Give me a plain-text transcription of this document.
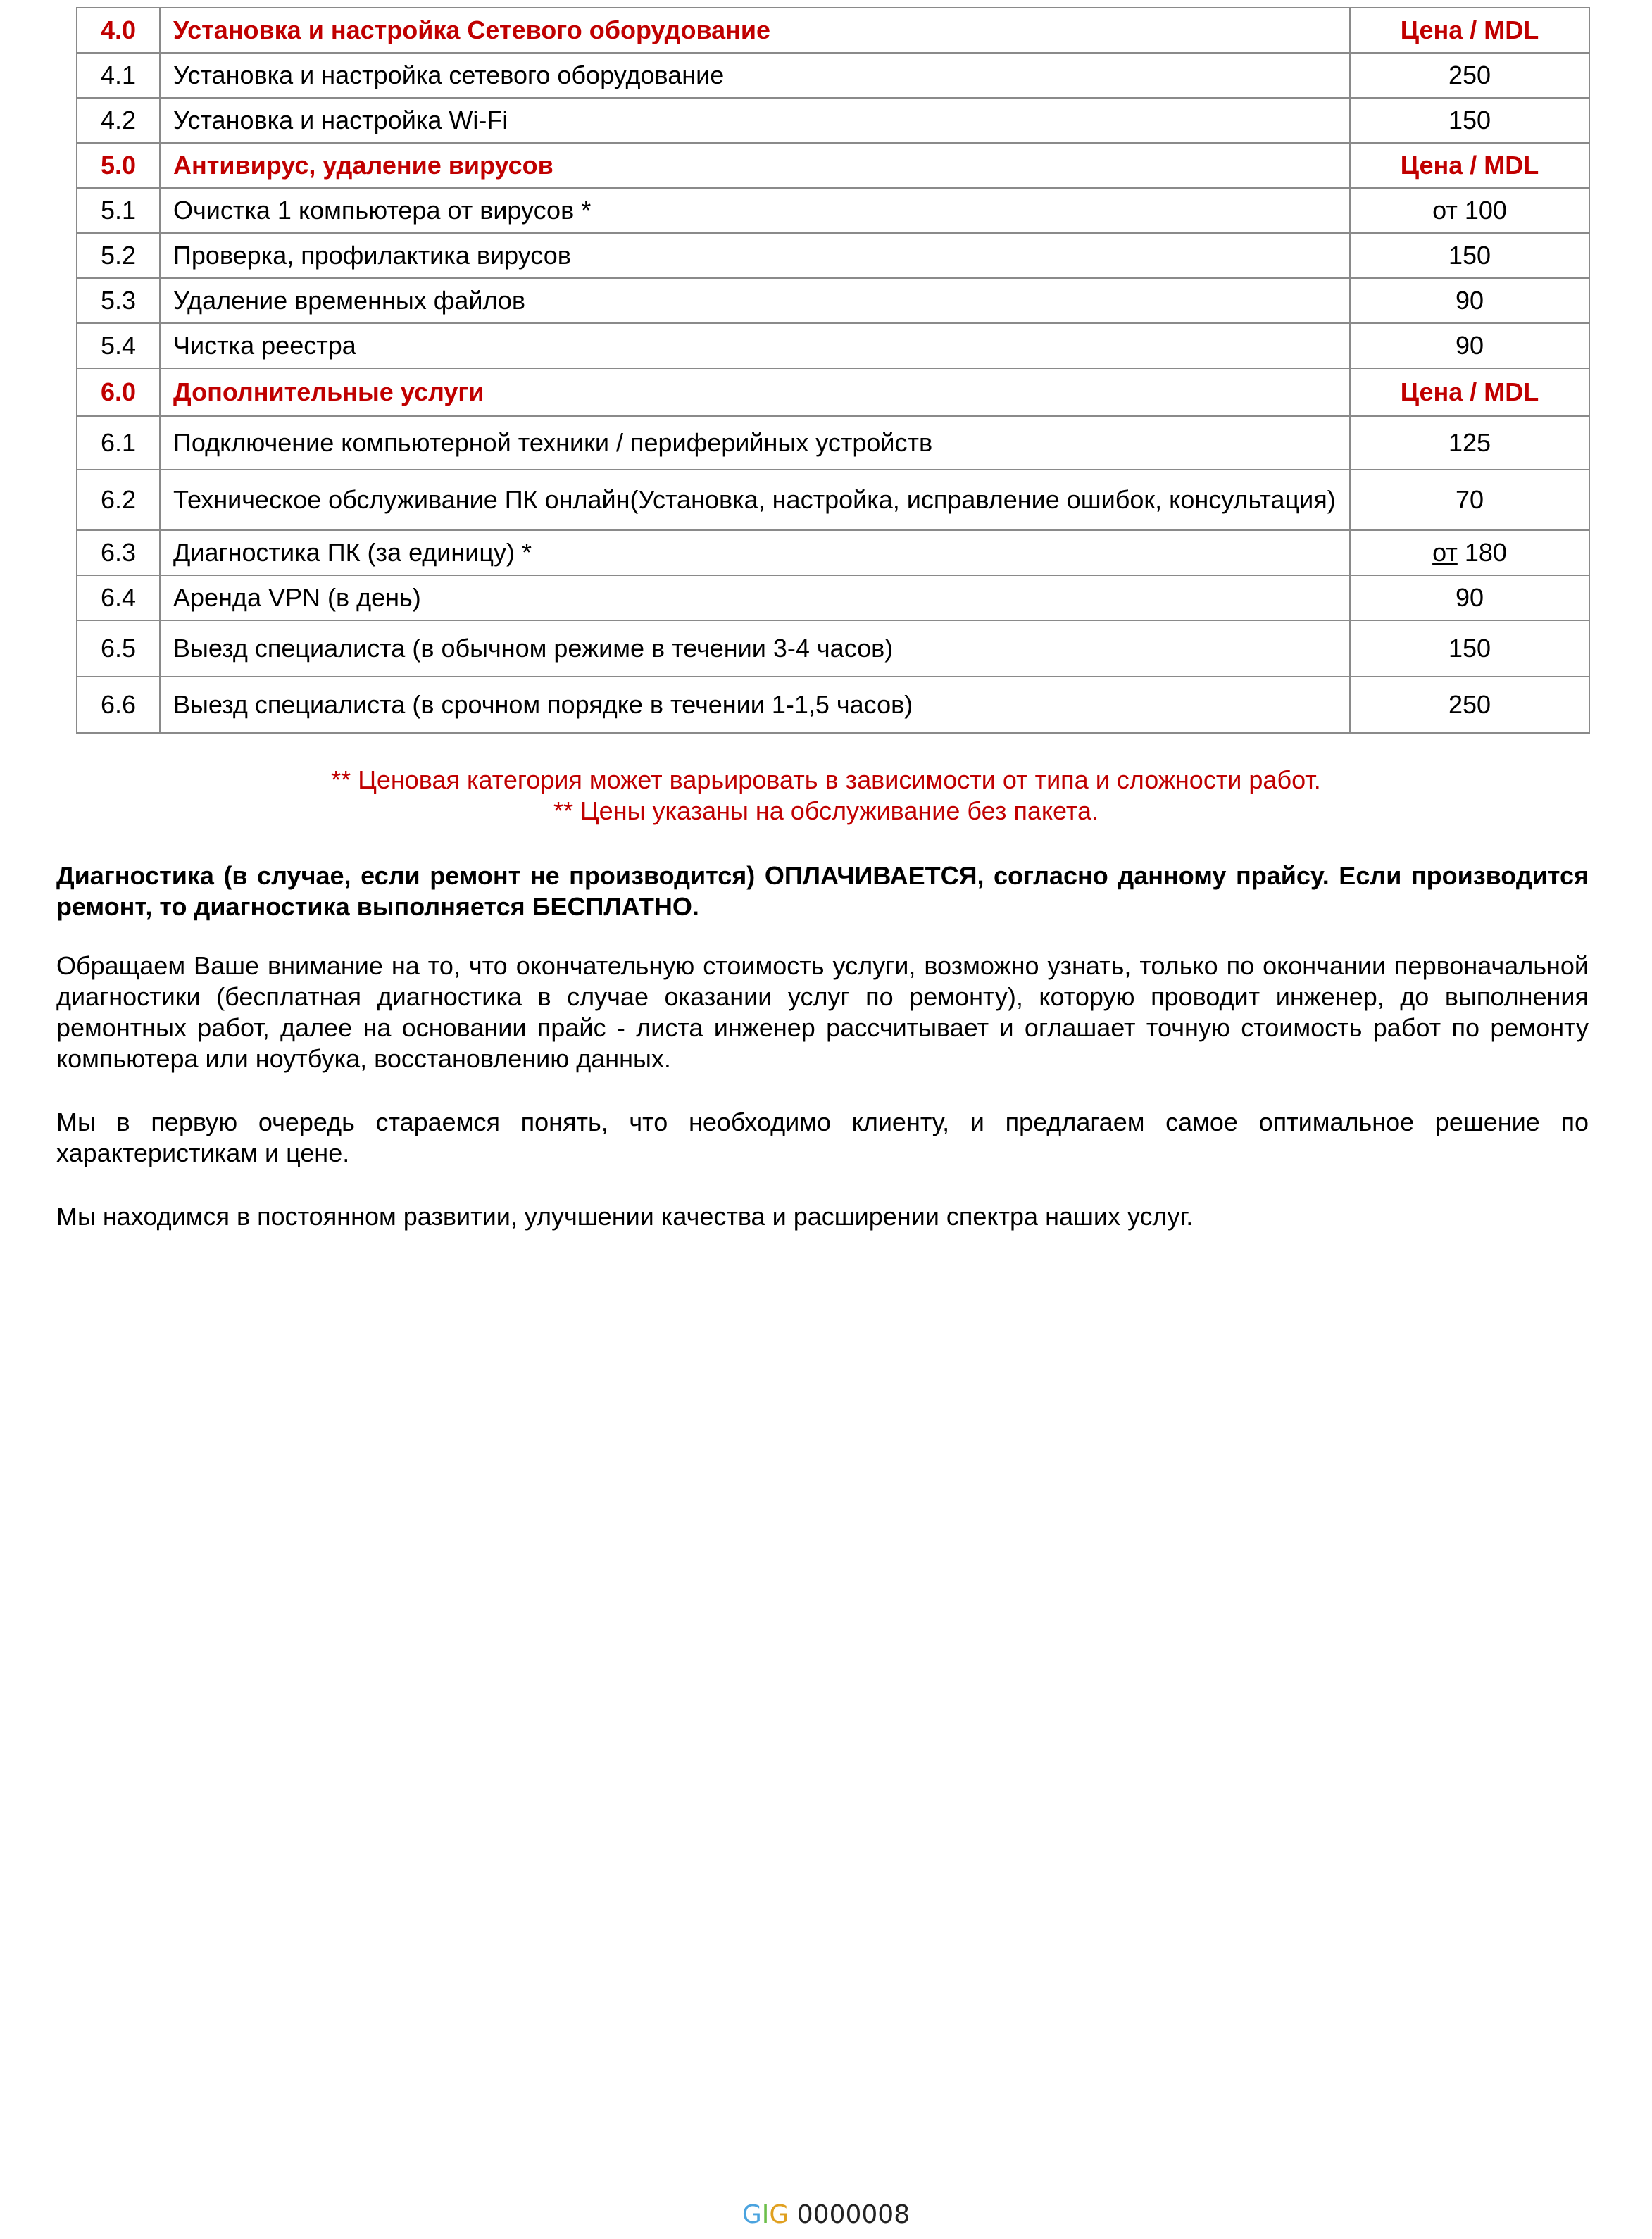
4.0	Установка и настройка Сетевого оборудование	Цена / MDL
4.1	Установка и настройка сетевого оборудование	250
4.2	Установка и настройка Wi-Fi	150
5.0	Антивирус, удаление вирусов	Цена / MDL
5.1	Очистка 1 компьютера от вирусов *	от 100
5.2	Проверка, профилактика вирусов	150
5.3	Удаление временных файлов	90
5.4	Чистка реестра	90
6.0	Дополнительные услуги	Цена / MDL
6.1	Подключение компьютерной техники / периферийных устройств	125
6.2	Техническое обслуживание ПК онлайн(Установка, настройка, исправление ошибок, консультация)	70
6.3	Диагностика ПК (за единицу) *	от 180
6.4	Аренда VPN (в день)	90
6.5	Выезд специалиста (в обычном режиме в течении 3-4 часов)	150
6.6	Выезд специалиста (в срочном порядке в течении 1-1,5 часов)	250
** Ценовая категория может варьировать в зависимости от типа и сложности работ.
** Цены указаны на обслуживание без пакета.

Диагностика (в случае, если ремонт не производится) ОПЛАЧИВАЕТСЯ, согласно данному прайсу. Если производится ремонт, то диагностика выполняется БЕСПЛАТНО.

Обращаем Ваше внимание на то, что окончательную стоимость услуги, возможно узнать, только по окончании первоначальной диагностики (бесплатная диагностика в случае оказании услуг по ремонту), которую проводит инженер, до выполнения ремонтных работ, далее на основании прайс - листа инженер рассчитывает и оглашает точную стоимость работ по ремонту компьютера или ноутбука, восстановлению данных.

Мы в первую очередь стараемся понять, что необходимо клиенту, и предлагаем самое оптимальное решение по характеристикам и цене.

Мы находимся в постоянном развитии, улучшении качества и расширении спектра наших услуг.

GIG 0000008
